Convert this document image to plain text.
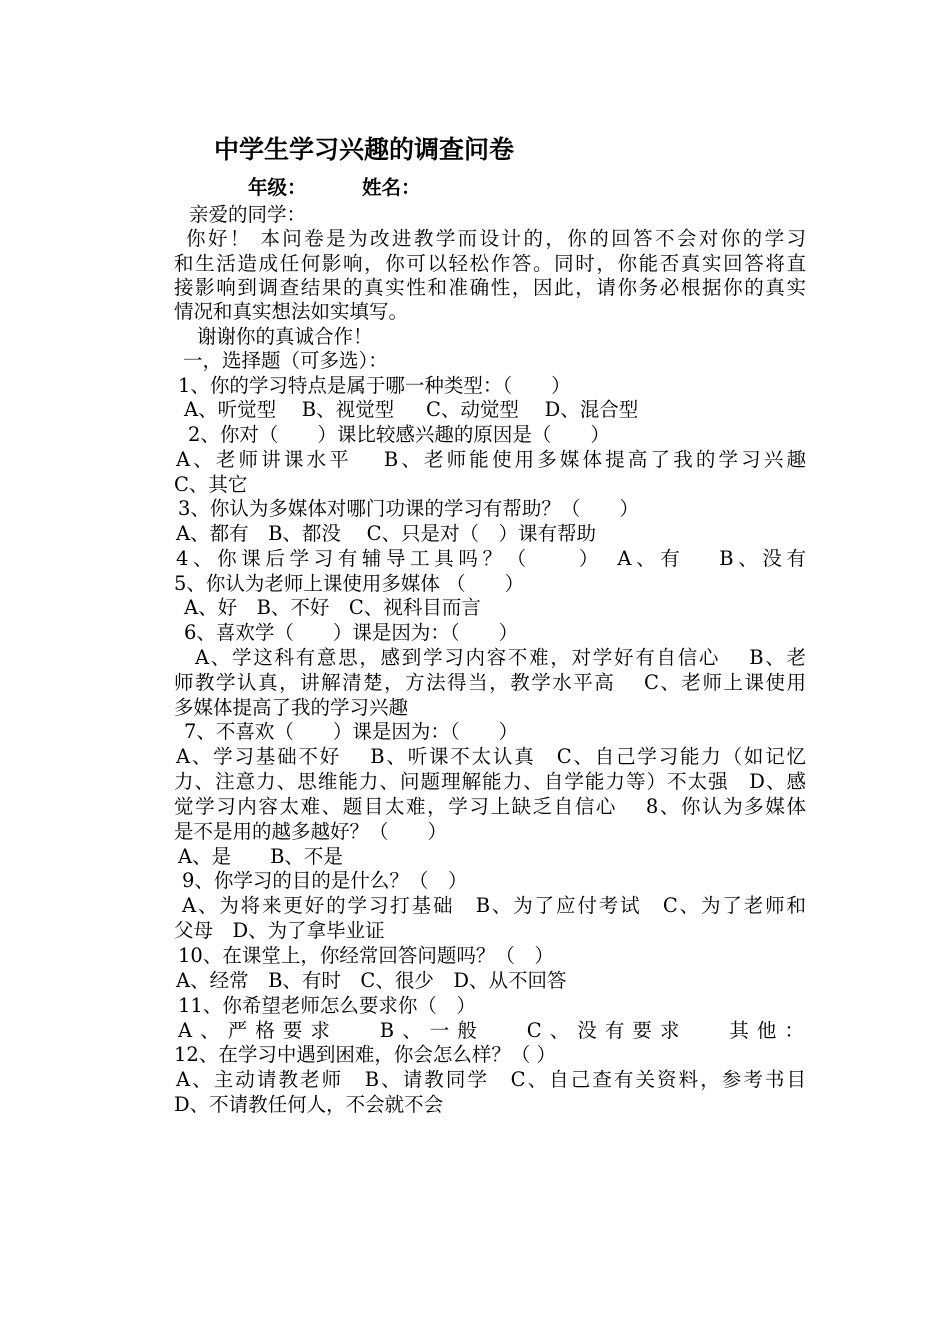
中学生学习兴趣的调查问卷
年级：	姓名：
亲爱的同学：
你好！ 本问卷是为改进教学而设计的，你的回答不会对你的学习
和生活造成任何影响，你可以轻松作答。同时，你能否真实回答将直
接影响到调查结果的真实性和准确性，因此，请你务必根据你的真实
情况和真实想法如实填写。
谢谢你的真诚合作！
一，选择题（可多选）：
1、你的学习特点是属于哪一种类型：（　　）
A、听觉型　 B、视觉型　  C、动觉型　 D、混合型
2、你对（　　）课比较感兴趣的原因是（　　）
A、老师讲课水平　 B、老师能使用多媒体提高了我的学习兴趣
C、其它
3、你认为多媒体对哪门功课的学习有帮助？（　　）
A、都有　B、都没　 C、只是对（　）课有帮助
4、你课后学习有辅导工具吗？（　　）　A、有　 B、没有
5、你认为老师上课使用多媒体 （　　）
A、好　B、不好　C、视科目而言
6、喜欢学（　　）课是因为：（　　）
A、学这科有意思，感到学习内容不难，对学好有自信心　 B、老
师教学认真，讲解清楚，方法得当，教学水平高　 C、老师上课使用
多媒体提高了我的学习兴趣
7、不喜欢（　　）课是因为：（　　）
A、学习基础不好　 B、听课不太认真　C、自己学习能力（如记忆
力、注意力、思维能力、问题理解能力、自学能力等）不太强　D、感
觉学习内容太难、题目太难，学习上缺乏自信心　 8、你认为多媒体
是不是用的越多越好？（　　）
A、是　　B、不是
9、你学习的目的是什么？（　）
A、为将来更好的学习打基础　B、为了应付考试　C、为了老师和
父母　D、为了拿毕业证
10、在课堂上，你经常回答问题吗？（　）
A、经常　B、有时　C、很少　D、从不回答
11、你希望老师怎么要求你（　）
A、严格要求　 B、一般　 C、没有要求　 其他：
12、在学习中遇到困难，你会怎么样？（ ）
A、主动请教老师　B、请教同学　C、自己查有关资料，参考书目
D、不请教任何人，不会就不会
